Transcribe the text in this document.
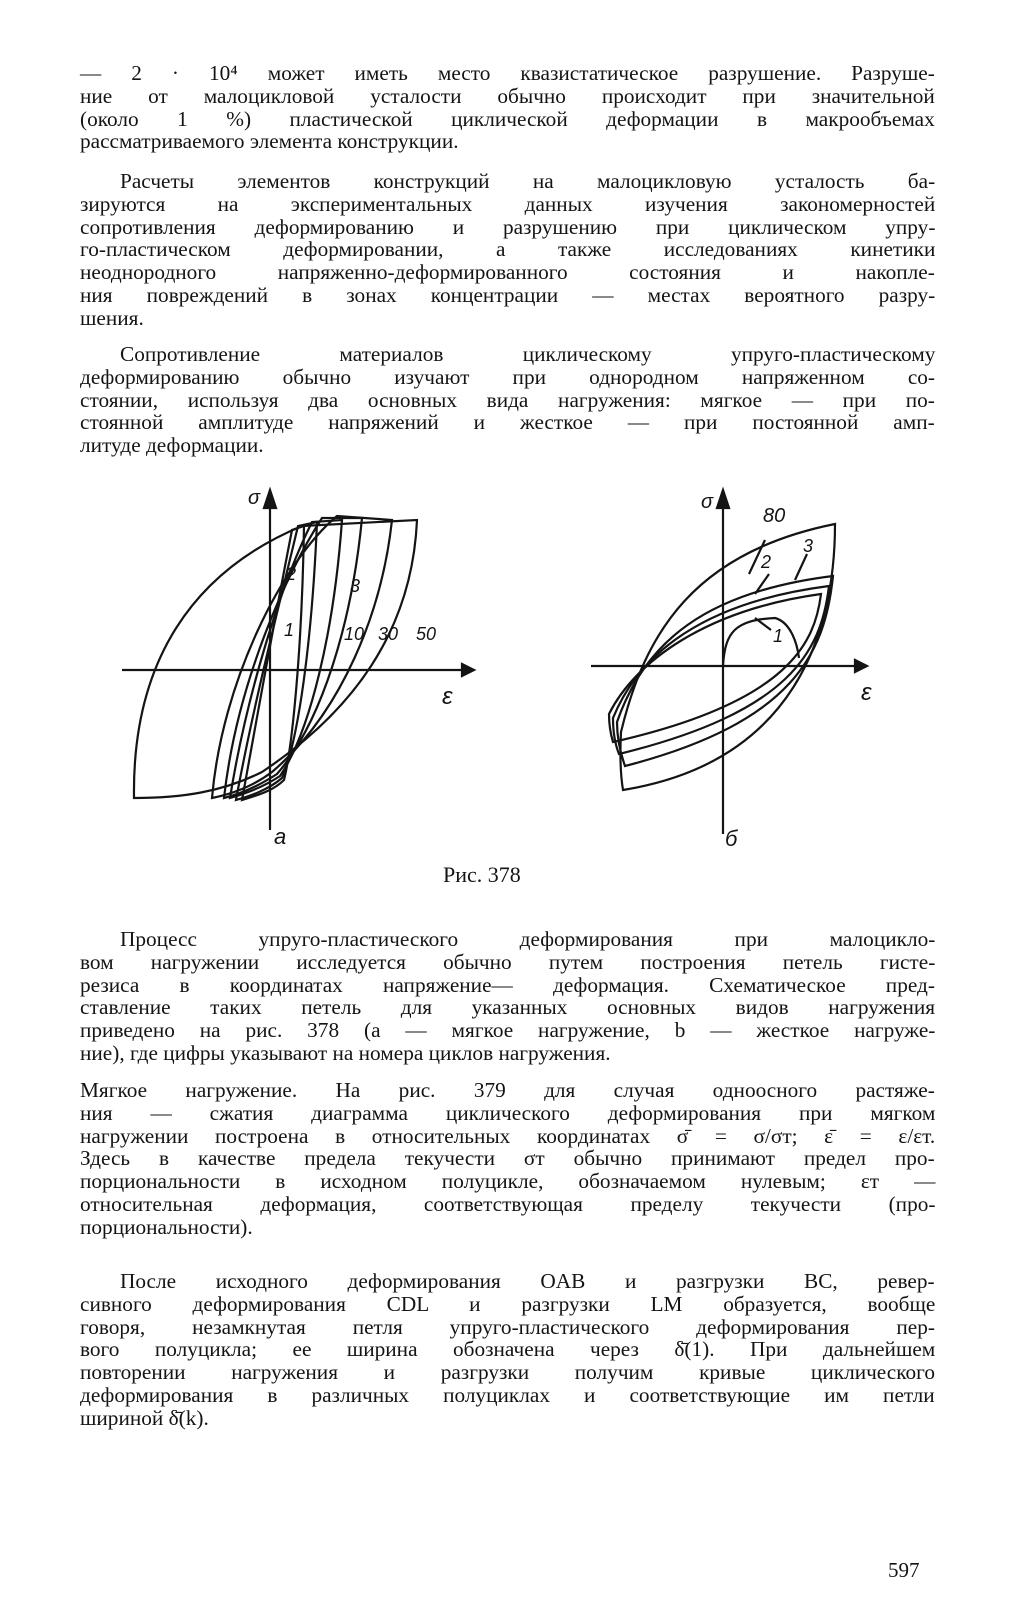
— 2 · 10⁴ может иметь место квазистатическое разрушение. Разруше-
ние от малоцикловой усталости обычно происходит при значительной
(около 1 %) пластической циклической деформации в макрообъемах
рассматриваемого элемента конструкции.

Расчеты элементов конструкций на малоцикловую усталость ба-
зируются на экспериментальных данных изучения закономерностей
сопротивления деформированию и разрушению при циклическом упру-
го-пластическом деформировании, а также исследованиях кинетики
неоднородного напряженно-деформированного состояния и накопле-
ния повреждений в зонах концентрации — местах вероятного разру-
шения.

Сопротивление материалов циклическому упруго-пластическому
деформированию обычно изучают при однородном напряженном со-
стоянии, используя два основных вида нагружения: мягкое — при по-
стоянной амплитуде напряжений и жесткое — при постоянной амп-
литуде деформации.

σ
ε
a
1
2
3
10 30 50
σ
ε
б
80
2
3
1
Рис. 378

Процесс упруго-пластического деформирования при малоцикло-
вом нагружении исследуется обычно путем построения петель гисте-
резиса в координатах напряжение— деформация. Схематическое пред-
ставление таких петель для указанных основных видов нагружения
приведено на рис. 378 (a — мягкое нагружение, b — жесткое нагруже-
ние), где цифры указывают на номера циклов нагружения.

Мягкое нагружение. На рис. 379 для случая одноосного растяже-
ния — сжатия диаграмма циклического деформирования при мягком
нагружении построена в относительных координатах σ̄ = σ/σт; ε̄ = ε/εт.
Здесь в качестве предела текучести σт обычно принимают предел про-
порциональности в исходном полуцикле, обозначаемом нулевым; εт —
относительная деформация, соответствующая пределу текучести (про-
порциональности).

После исходного деформирования OAB и разгрузки BC, ревер-
сивного деформирования CDL и разгрузки LM образуется, вообще
говоря, незамкнутая петля упруго-пластического деформирования пер-
вого полуцикла; ее ширина обозначена через δ̄(1). При дальнейшем
повторении нагружения и разгрузки получим кривые циклического
деформирования в различных полуциклах и соответствующие им петли
шириной δ̄(k).

597
